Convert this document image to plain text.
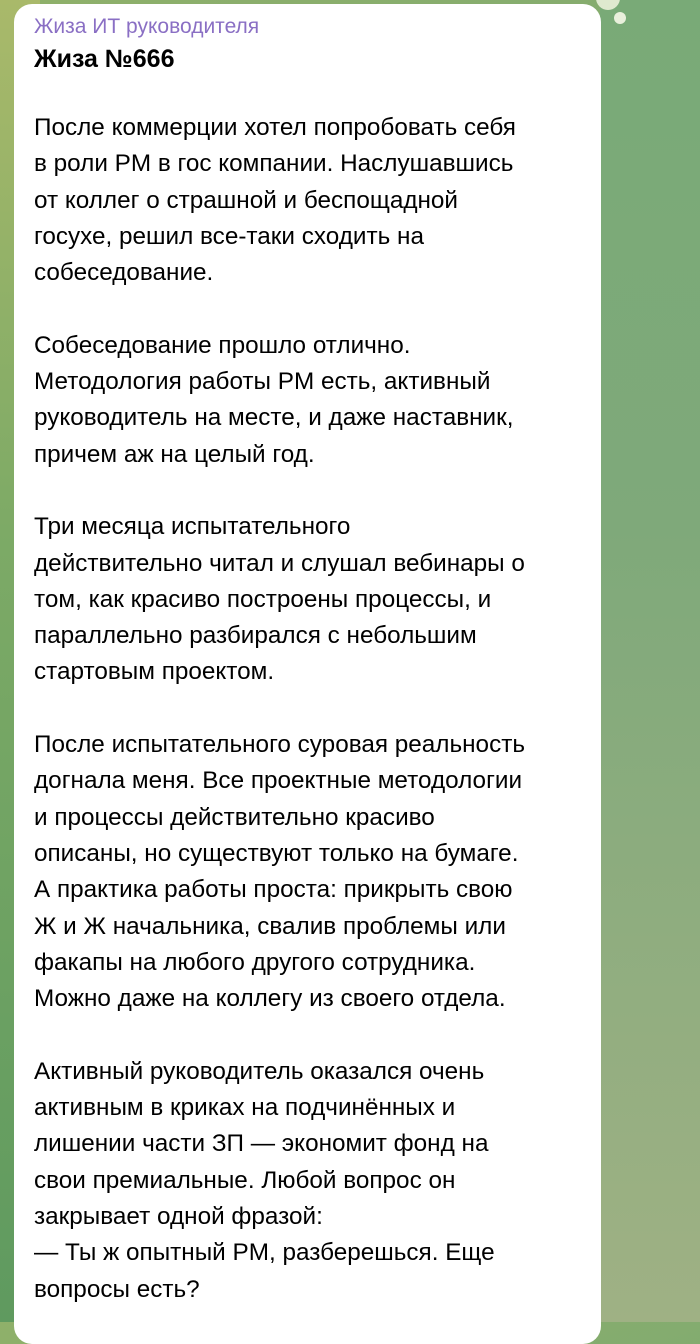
Жиза ИТ руководителя
Жиза №666

После коммерции хотел попробовать себя
в роли PM в гос компании. Наслушавшись
от коллег о страшной и беспощадной
госухе, решил все-таки сходить на
собеседование.

Собеседование прошло отлично.
Методология работы PM есть, активный
руководитель на месте, и даже наставник,
причем аж на целый год.

Три месяца испытательного
действительно читал и слушал вебинары о
том, как красиво построены процессы, и
параллельно разбирался с небольшим
стартовым проектом.

После испытательного суровая реальность
догнала меня. Все проектные методологии
и процессы действительно красиво
описаны, но существуют только на бумаге.
А практика работы проста: прикрыть свою
Ж и Ж начальника, свалив проблемы или
факапы на любого другого сотрудника.
Можно даже на коллегу из своего отдела.

Активный руководитель оказался очень
активным в криках на подчинённых и
лишении части ЗП — экономит фонд на
свои премиальные. Любой вопрос он
закрывает одной фразой:
— Ты ж опытный PM, разберешься. Еще
вопросы есть?
